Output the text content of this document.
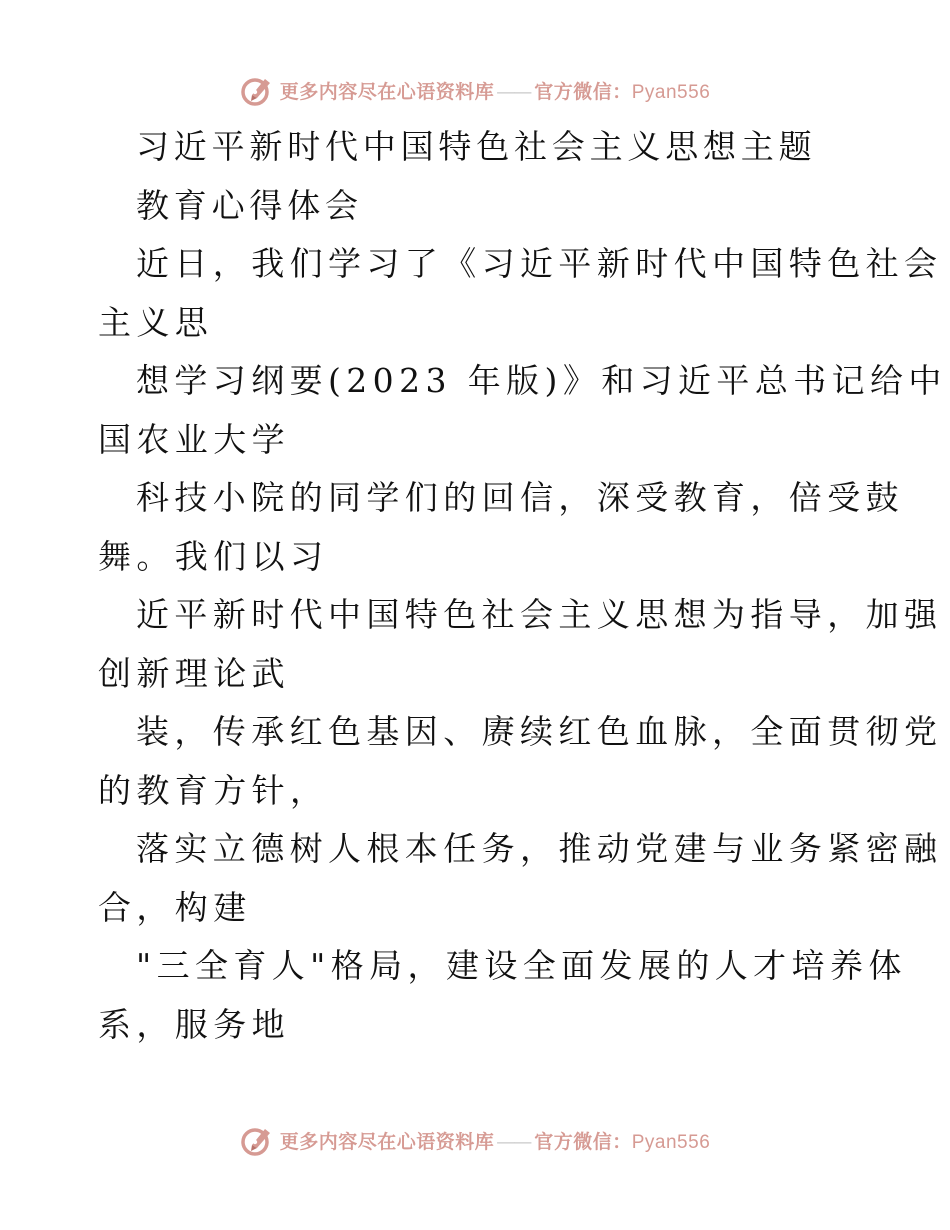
更多内容尽在心语资料库 —— 官方微信：Pyan556
习近平新时代中国特色社会主义思想主题
教育心得体会
近日，我们学习了《习近平新时代中国特色社会
主义思
想学习纲要(2023 年版)》和习近平总书记给中
国农业大学
科技小院的同学们的回信，深受教育，倍受鼓
舞。我们以习
近平新时代中国特色社会主义思想为指导，加强
创新理论武
装，传承红色基因、赓续红色血脉，全面贯彻党
的教育方针，
落实立德树人根本任务，推动党建与业务紧密融
合，构建
"三全育人"格局，建设全面发展的人才培养体
系，服务地
更多内容尽在心语资料库 —— 官方微信：Pyan556
